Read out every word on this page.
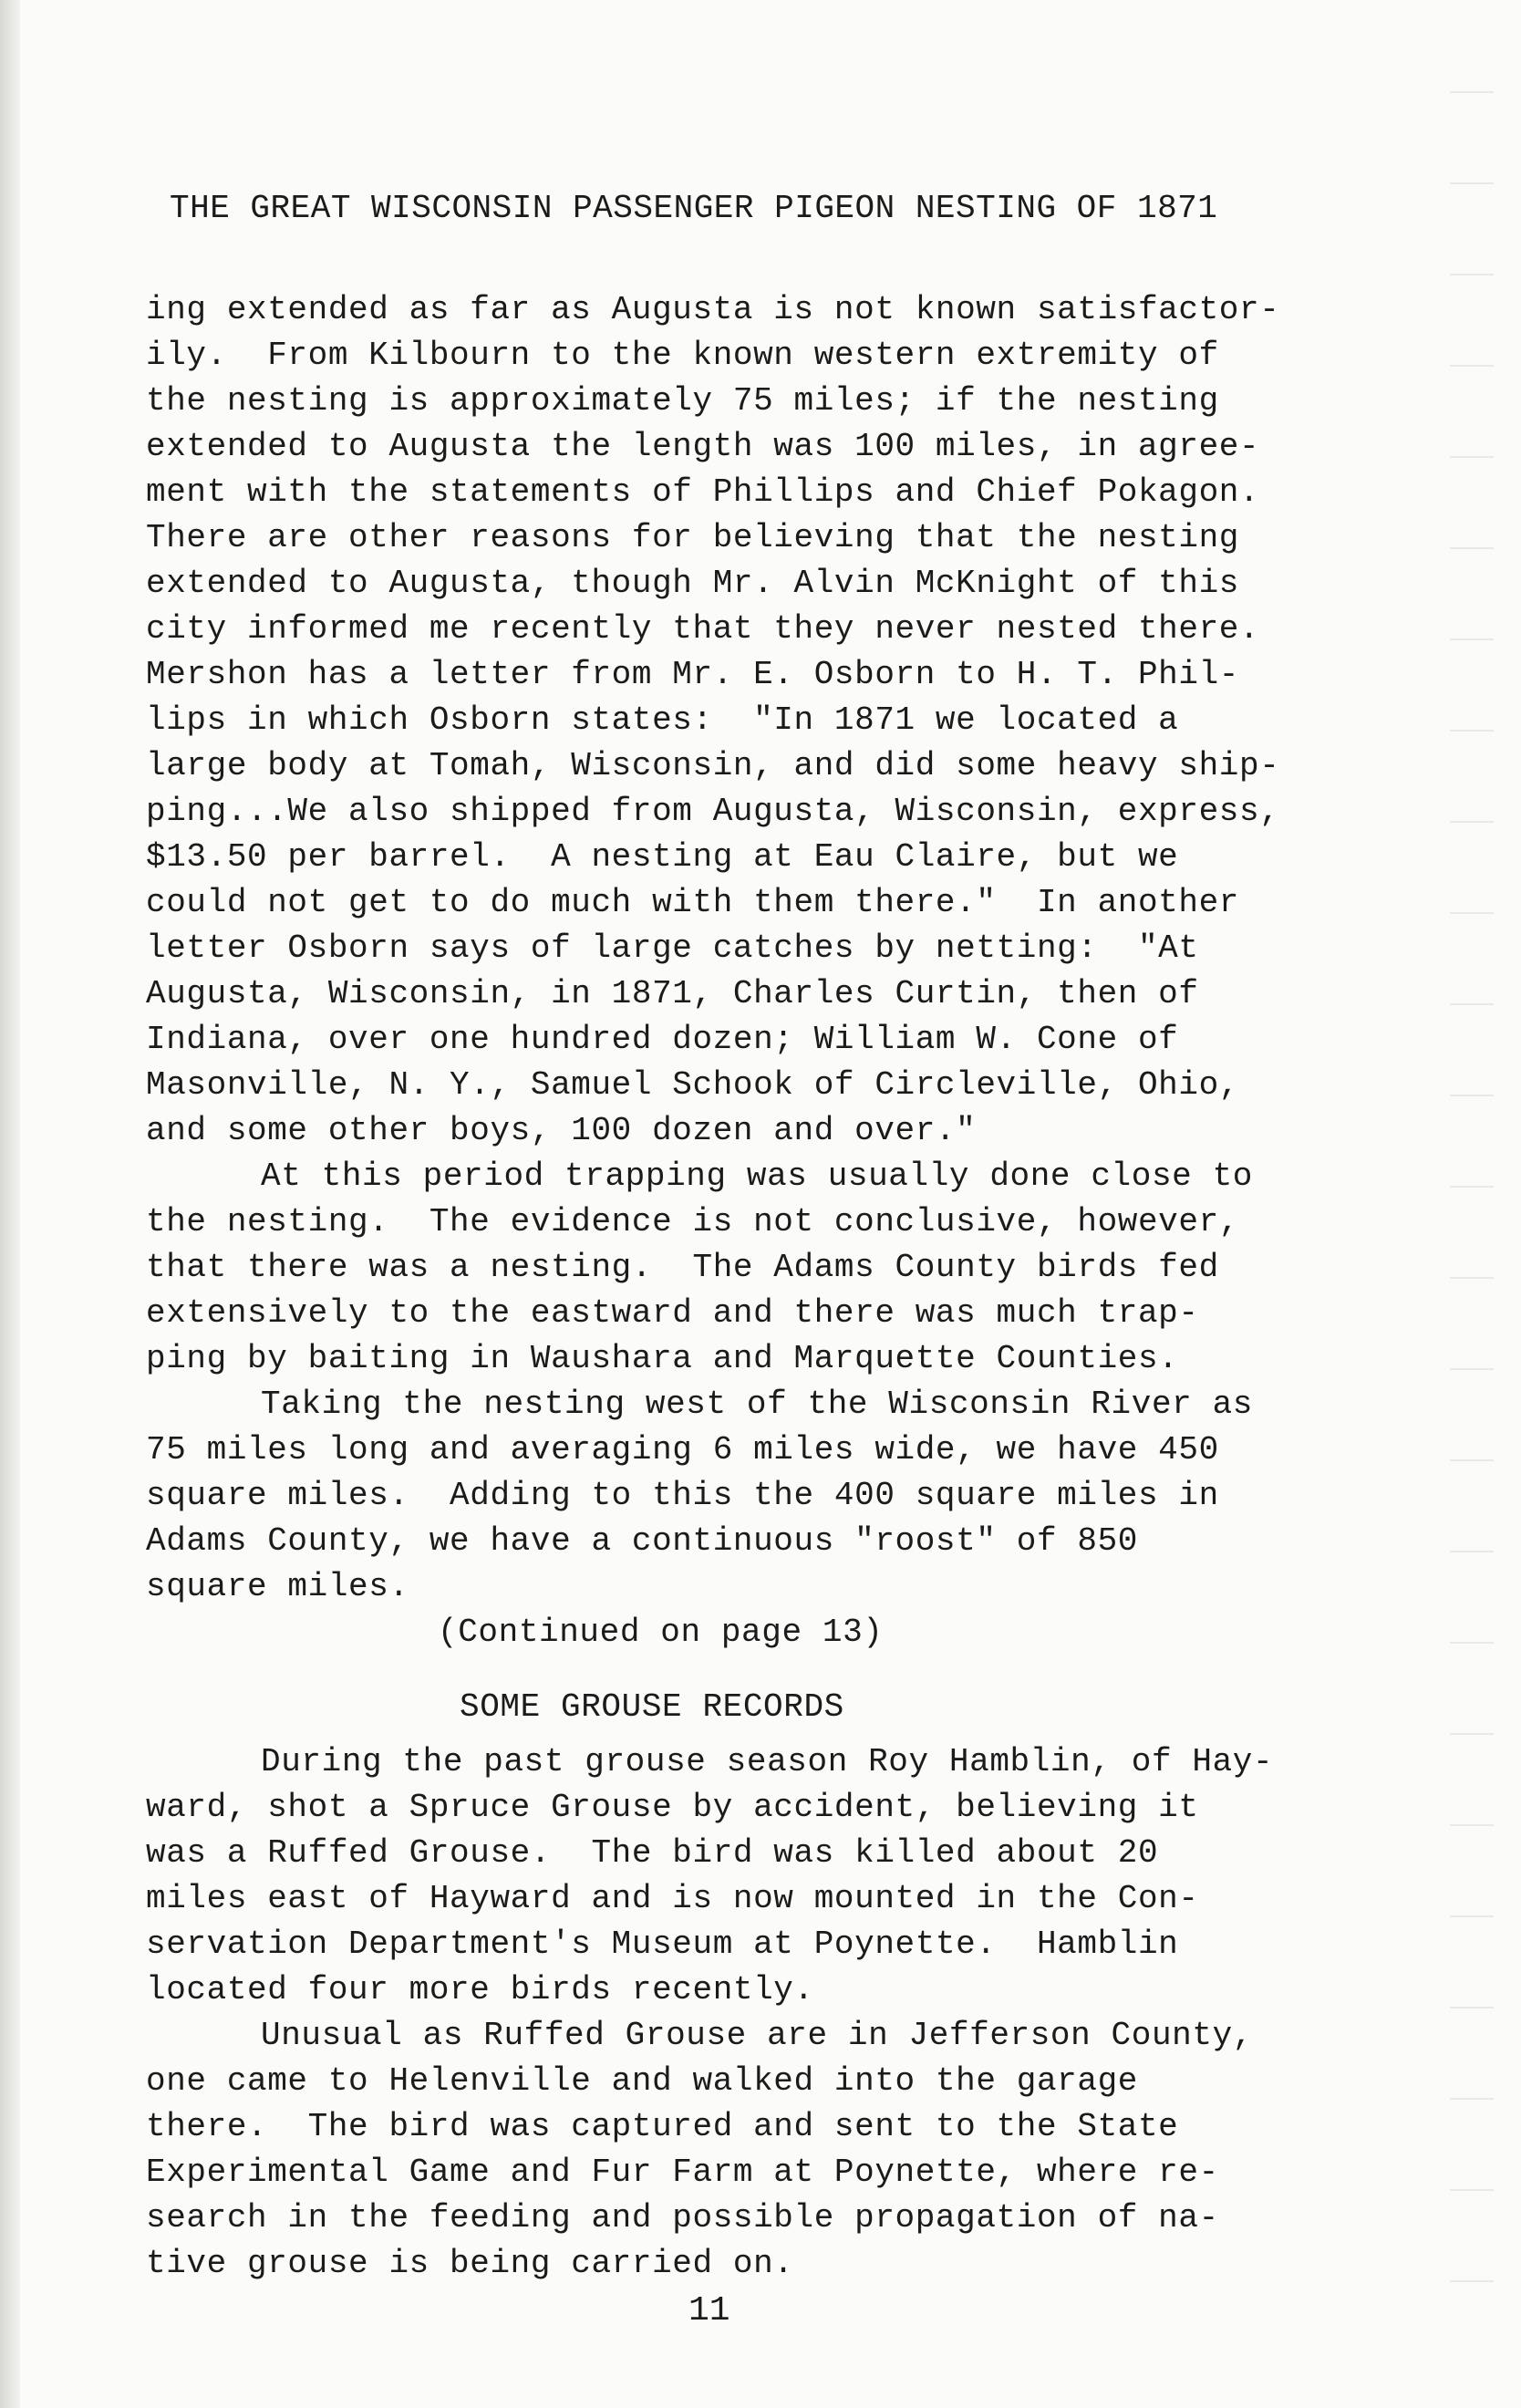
THE GREAT WISCONSIN PASSENGER PIGEON NESTING OF 1871
ing extended as far as Augusta is not known satisfactor-
ily.  From Kilbourn to the known western extremity of
the nesting is approximately 75 miles; if the nesting
extended to Augusta the length was 100 miles, in agree-
ment with the statements of Phillips and Chief Pokagon.
There are other reasons for believing that the nesting
extended to Augusta, though Mr. Alvin McKnight of this
city informed me recently that they never nested there.
Mershon has a letter from Mr. E. Osborn to H. T. Phil-
lips in which Osborn states:  "In 1871 we located a
large body at Tomah, Wisconsin, and did some heavy ship-
ping...We also shipped from Augusta, Wisconsin, express,
$13.50 per barrel.  A nesting at Eau Claire, but we
could not get to do much with them there."  In another
letter Osborn says of large catches by netting:  "At
Augusta, Wisconsin, in 1871, Charles Curtin, then of
Indiana, over one hundred dozen; William W. Cone of
Masonville, N. Y., Samuel Schook of Circleville, Ohio,
and some other boys, 100 dozen and over."
At this period trapping was usually done close to
the nesting.  The evidence is not conclusive, however,
that there was a nesting.  The Adams County birds fed
extensively to the eastward and there was much trap-
ping by baiting in Waushara and Marquette Counties.
Taking the nesting west of the Wisconsin River as
75 miles long and averaging 6 miles wide, we have 450
square miles.  Adding to this the 400 square miles in
Adams County, we have a continuous "roost" of 850
square miles.
(Continued on page 13)
SOME GROUSE RECORDS
During the past grouse season Roy Hamblin, of Hay-
ward, shot a Spruce Grouse by accident, believing it
was a Ruffed Grouse.  The bird was killed about 20
miles east of Hayward and is now mounted in the Con-
servation Department's Museum at Poynette.  Hamblin
located four more birds recently.
Unusual as Ruffed Grouse are in Jefferson County,
one came to Helenville and walked into the garage
there.  The bird was captured and sent to the State
Experimental Game and Fur Farm at Poynette, where re-
search in the feeding and possible propagation of na-
tive grouse is being carried on.
11
